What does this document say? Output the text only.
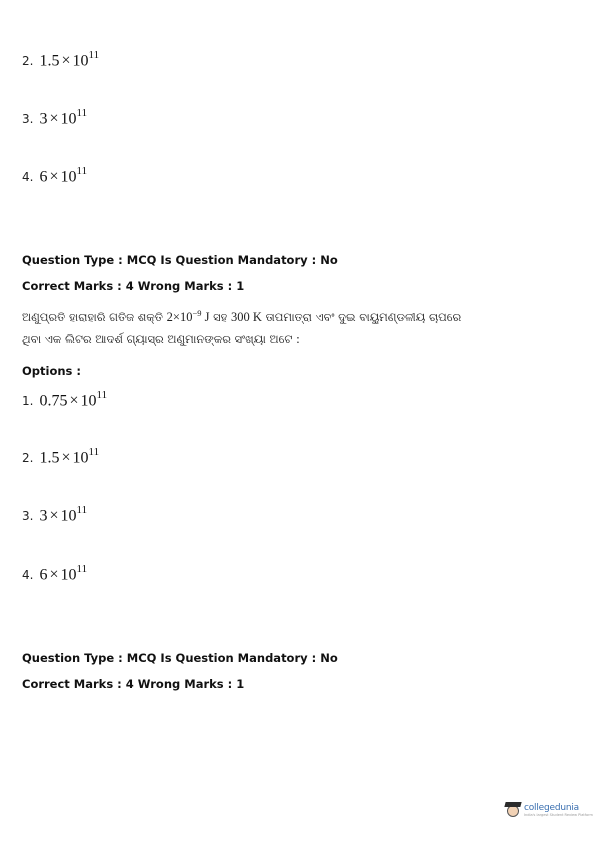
2. $1.5 \times 10^{11}$
3. $3 \times 10^{11}$
4. $6 \times 10^{11}$
Question Type : MCQ Is Question Mandatory : No
Correct Marks : 4 Wrong Marks : 1
ଅଣୁପ୍ରତି ହାରାହାରି ଗତିଜ ଶକ୍ତି $2\times 10^{-9}$ J ସହ 300 K ତାପମାତ୍ରା ଏବଂ ଦୁଇ ବାୟୁମଣ୍ଡଳୀୟ ଚାପରେ ଥିବା ଏକ ଲିଟର ଆଦର୍ଶ ଗ୍ୟାସ୍‌ର ଅଣୁମାନଙ୍କର ସଂଖ୍ୟା ଅଟେ :
Options :
1. $0.75 \times 10^{11}$
2. $1.5 \times 10^{11}$
3. $3 \times 10^{11}$
4. $6 \times 10^{11}$
Question Type : MCQ Is Question Mandatory : No
Correct Marks : 4 Wrong Marks : 1
collegedunia
India's largest Student Review Platform
